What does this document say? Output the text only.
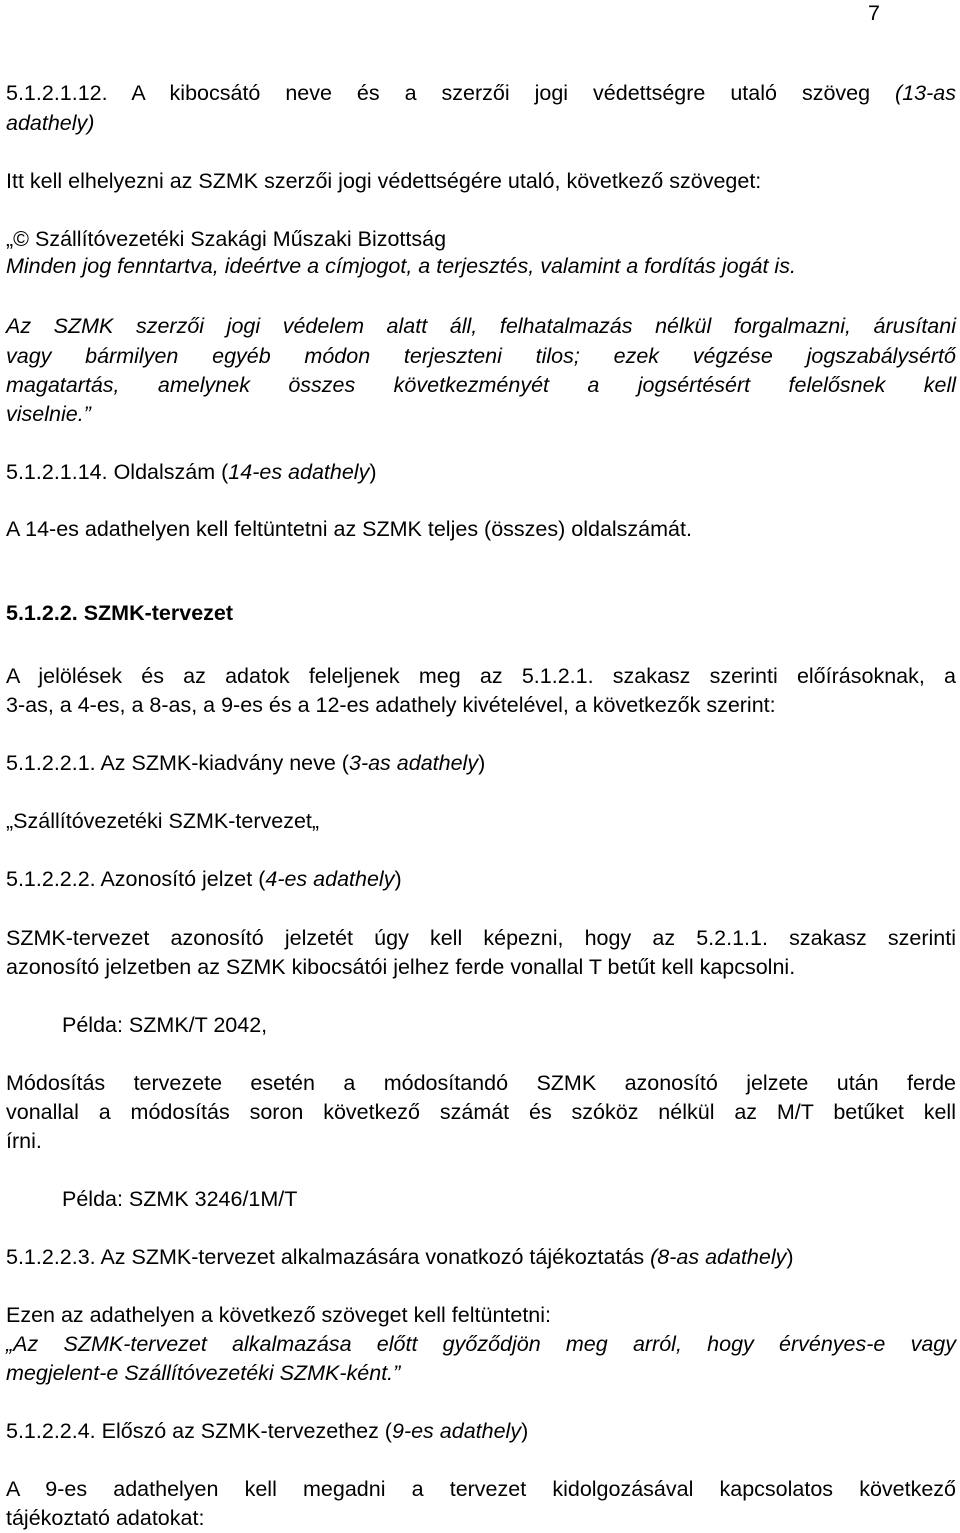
7
5.1.2.1.12. A kibocsátó neve és a szerzői jogi védettségre utaló szöveg (13-as
adathely)
Itt kell elhelyezni az SZMK szerzői jogi védettségére utaló, következő szöveget:
„© Szállítóvezetéki Szakági Műszaki Bizottság
Minden jog fenntartva, ideértve a címjogot, a terjesztés, valamint a fordítás jogát is.
Az SZMK szerzői jogi védelem alatt áll, felhatalmazás nélkül forgalmazni, árusítani
vagy bármilyen egyéb módon terjeszteni tilos; ezek végzése jogszabálysértő
magatartás, amelynek összes következményét a jogsértésért felelősnek kell
viselnie.”
5.1.2.1.14. Oldalszám (14-es adathely)
A 14-es adathelyen kell feltüntetni az SZMK teljes (összes) oldalszámát.
5.1.2.2. SZMK-tervezet
A jelölések és az adatok feleljenek meg az 5.1.2.1. szakasz szerinti előírásoknak, a
3-as, a 4-es, a 8-as, a 9-es és a 12-es adathely kivételével, a következők szerint:
5.1.2.2.1. Az SZMK-kiadvány neve (3-as adathely)
„Szállítóvezetéki SZMK-tervezet„
5.1.2.2.2. Azonosító jelzet (4-es adathely)
SZMK-tervezet azonosító jelzetét úgy kell képezni, hogy az 5.2.1.1. szakasz szerinti
azonosító jelzetben az SZMK kibocsátói jelhez ferde vonallal T betűt kell kapcsolni.
Példa: SZMK/T 2042,
Módosítás tervezete esetén a módosítandó SZMK azonosító jelzete után ferde
vonallal a módosítás soron következő számát és szóköz nélkül az M/T betűket kell
írni.
Példa: SZMK 3246/1M/T
5.1.2.2.3. Az SZMK-tervezet alkalmazására vonatkozó tájékoztatás (8-as adathely)
Ezen az adathelyen a következő szöveget kell feltüntetni:
„Az SZMK-tervezet alkalmazása előtt győződjön meg arról, hogy érvényes-e vagy
megjelent-e Szállítóvezetéki SZMK-ként.”
5.1.2.2.4. Előszó az SZMK-tervezethez (9-es adathely)
A 9-es adathelyen kell megadni a tervezet kidolgozásával kapcsolatos következő
tájékoztató adatokat:
